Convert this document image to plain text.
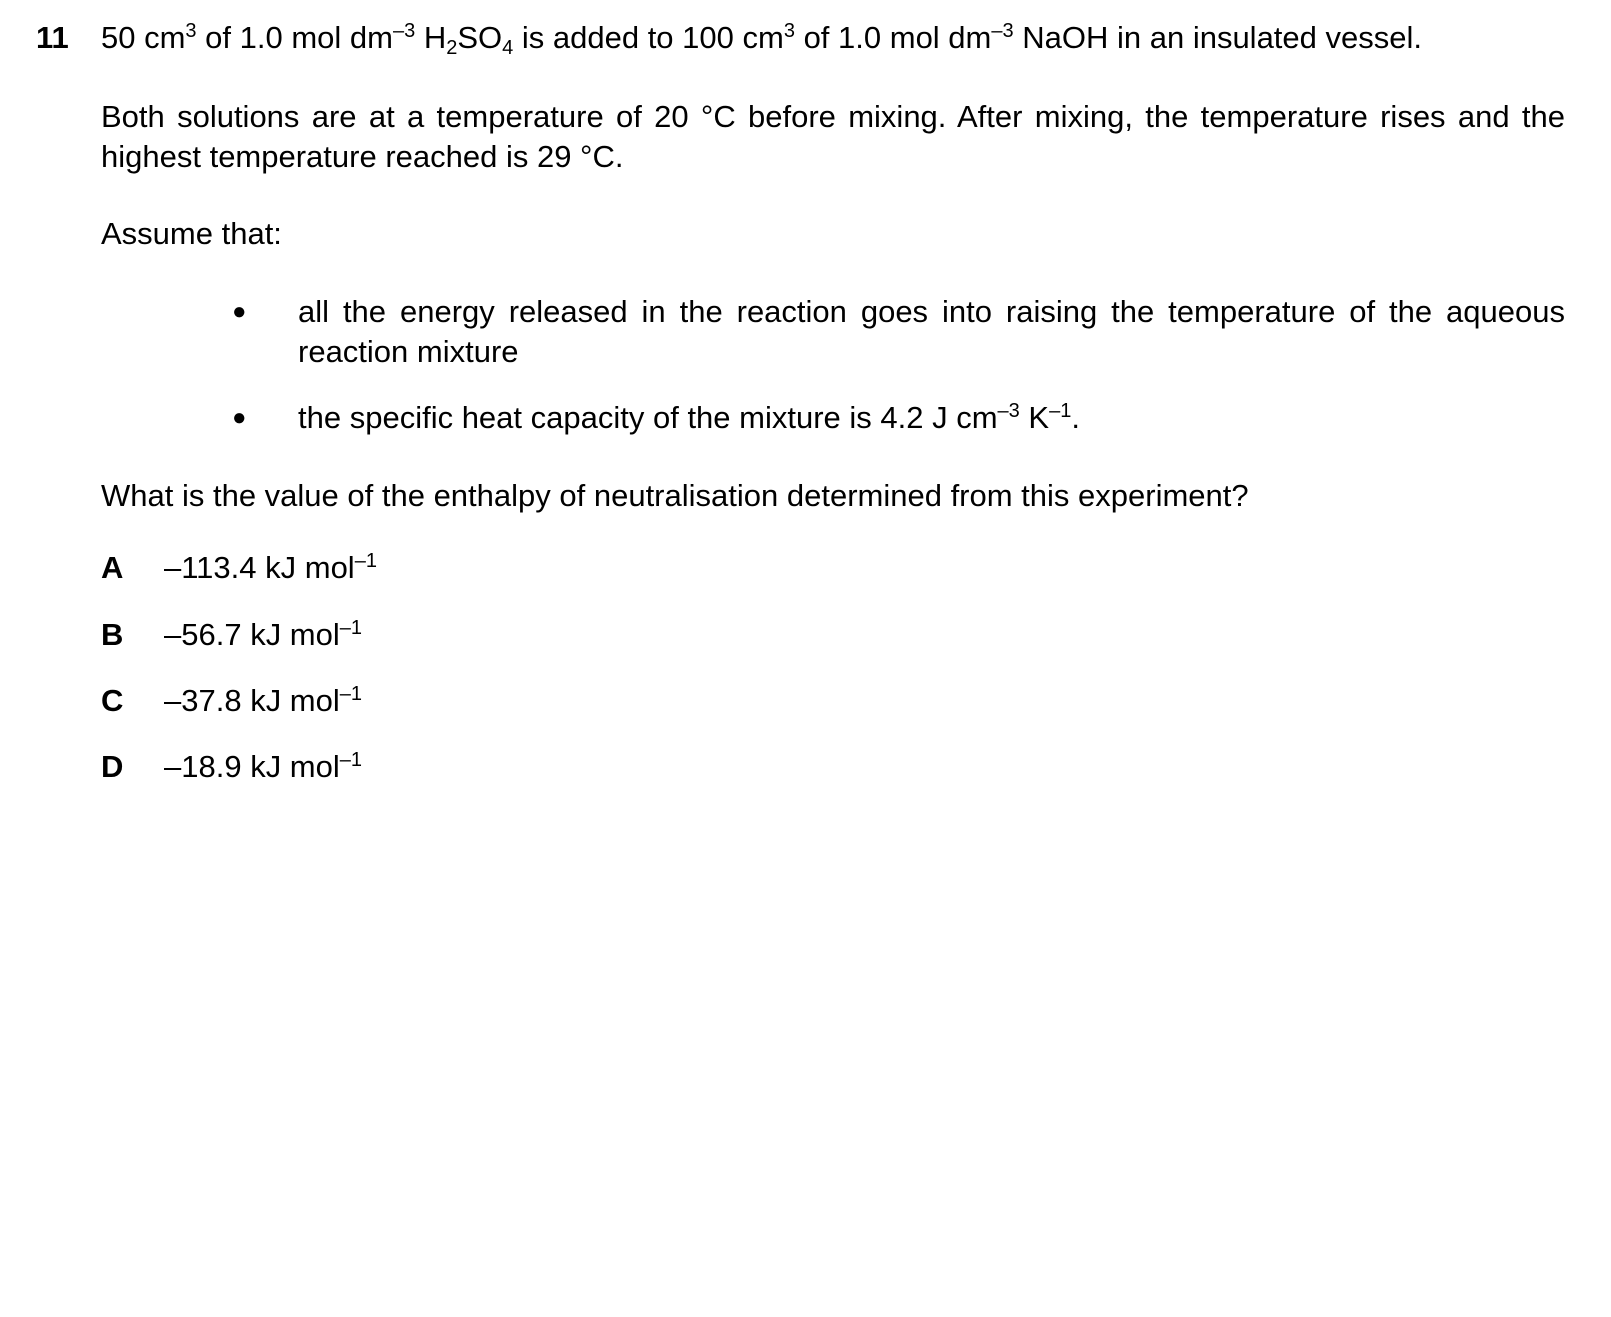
11 50 $cm^3$ of 1.0 mol $dm^{-3}$ $H_2SO_4$ is added to 100 $cm^3$ of 1.0 mol $dm^{-3}$ NaOH in an insulated vessel.
Both solutions are at a temperature of 20 °C before mixing. After mixing, the temperature rises and the highest temperature reached is 29 °C.
Assume that:
● all the energy released in the reaction goes into raising the temperature of the aqueous reaction mixture
● the specific heat capacity of the mixture is 4.2 J $cm^{-3}$ $K^{-1}$.
What is the value of the enthalpy of neutralisation determined from this experiment?
A –113.4 kJ mol$^{-1}$
B –56.7 kJ mol$^{-1}$
C –37.8 kJ mol$^{-1}$
D –18.9 kJ mol$^{-1}$
